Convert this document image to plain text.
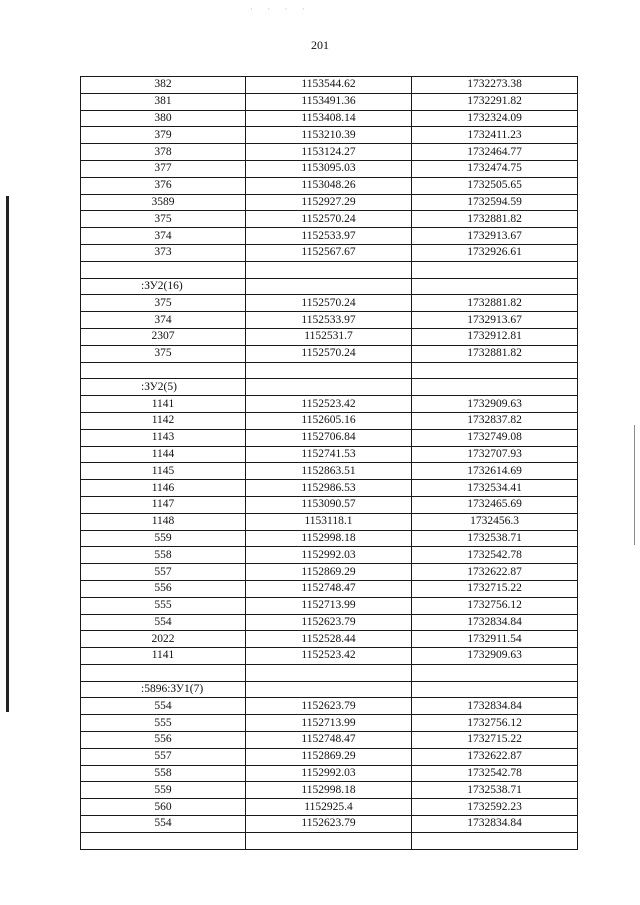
· · · ·
201
382	1153544.62	1732273.38
381	1153491.36	1732291.82
380	1153408.14	1732324.09
379	1153210.39	1732411.23
378	1153124.27	1732464.77
377	1153095.03	1732474.75
376	1153048.26	1732505.65
3589	1152927.29	1732594.59
375	1152570.24	1732881.82
374	1152533.97	1732913.67
373	1152567.67	1732926.61

:ЗУ2(16)		
375	1152570.24	1732881.82
374	1152533.97	1732913.67
2307	1152531.7	1732912.81
375	1152570.24	1732881.82

:ЗУ2(5)		
1141	1152523.42	1732909.63
1142	1152605.16	1732837.82
1143	1152706.84	1732749.08
1144	1152741.53	1732707.93
1145	1152863.51	1732614.69
1146	1152986.53	1732534.41
1147	1153090.57	1732465.69
1148	1153118.1	1732456.3
559	1152998.18	1732538.71
558	1152992.03	1732542.78
557	1152869.29	1732622.87
556	1152748.47	1732715.22
555	1152713.99	1732756.12
554	1152623.79	1732834.84
2022	1152528.44	1732911.54
1141	1152523.42	1732909.63

:5896:ЗУ1(7)		
554	1152623.79	1732834.84
555	1152713.99	1732756.12
556	1152748.47	1732715.22
557	1152869.29	1732622.87
558	1152992.03	1732542.78
559	1152998.18	1732538.71
560	1152925.4	1732592.23
554	1152623.79	1732834.84
